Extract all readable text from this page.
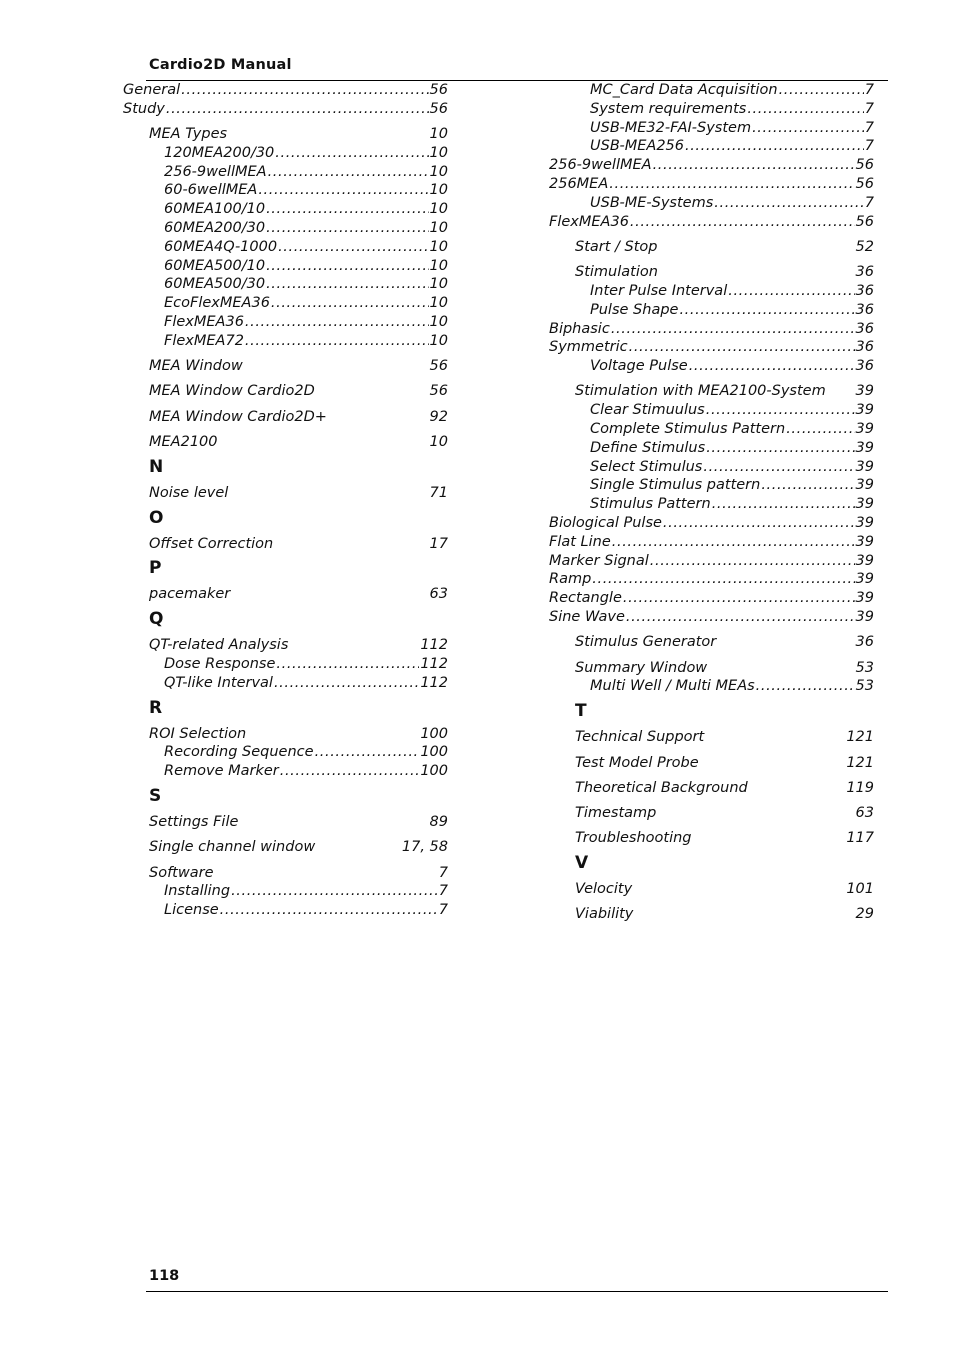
Cardio2D Manual
General .....	56
Study .....	56
MEA Types	10
120MEA200/30 .....	10
256-9wellMEA .....	10
60-6wellMEA .....	10
60MEA100/10 .....	10
60MEA200/30 .....	10
60MEA4Q-1000 .....	10
60MEA500/10 .....	10
60MEA500/30 .....	10
EcoFlexMEA36 .....	10
FlexMEA36 .....	10
FlexMEA72 .....	10
MEA Window	56
MEA Window Cardio2D	56
MEA Window Cardio2D+	92
MEA2100	10
N
Noise level	71
O
Offset Correction	17
P
pacemaker	63
Q
QT-related Analysis	112
Dose Response .....	112
QT-like Interval .....	112
R
ROI Selection	100
Recording Sequence .....	100
Remove Marker .....	100
S
Settings File	89
Single channel window	17, 58
Software	7
Installing .....	7
License .....	7
MC_Card Data Acquisition .....	7
System requirements .....	7
USB-ME32-FAI-System .....	7
USB-MEA256 .....	7
256-9wellMEA .....	56
256MEA .....	56
USB-ME-Systems .....	7
FlexMEA36 .....	56
Start / Stop	52
Stimulation	36
Inter Pulse Interval .....	36
Pulse Shape .....	36
Biphasic .....	36
Symmetric .....	36
Voltage Pulse .....	36
Stimulation with MEA2100-System 39
Clear Stimuulus .....	39
Complete Stimulus Pattern .....	39
Define Stimulus .....	39
Select Stimulus .....	39
Single Stimulus pattern .....	39
Stimulus Pattern .....	39
Biological Pulse .....	39
Flat Line .....	39
Marker Signal .....	39
Ramp .....	39
Rectangle .....	39
Sine Wave .....	39
Stimulus Generator	36
Summary Window	53
Multi Well / Multi MEAs .....	53
T
Technical Support	121
Test Model Probe	121
Theoretical Background	119
Timestamp	63
Troubleshooting	117
V
Velocity	101
Viability	29
118
